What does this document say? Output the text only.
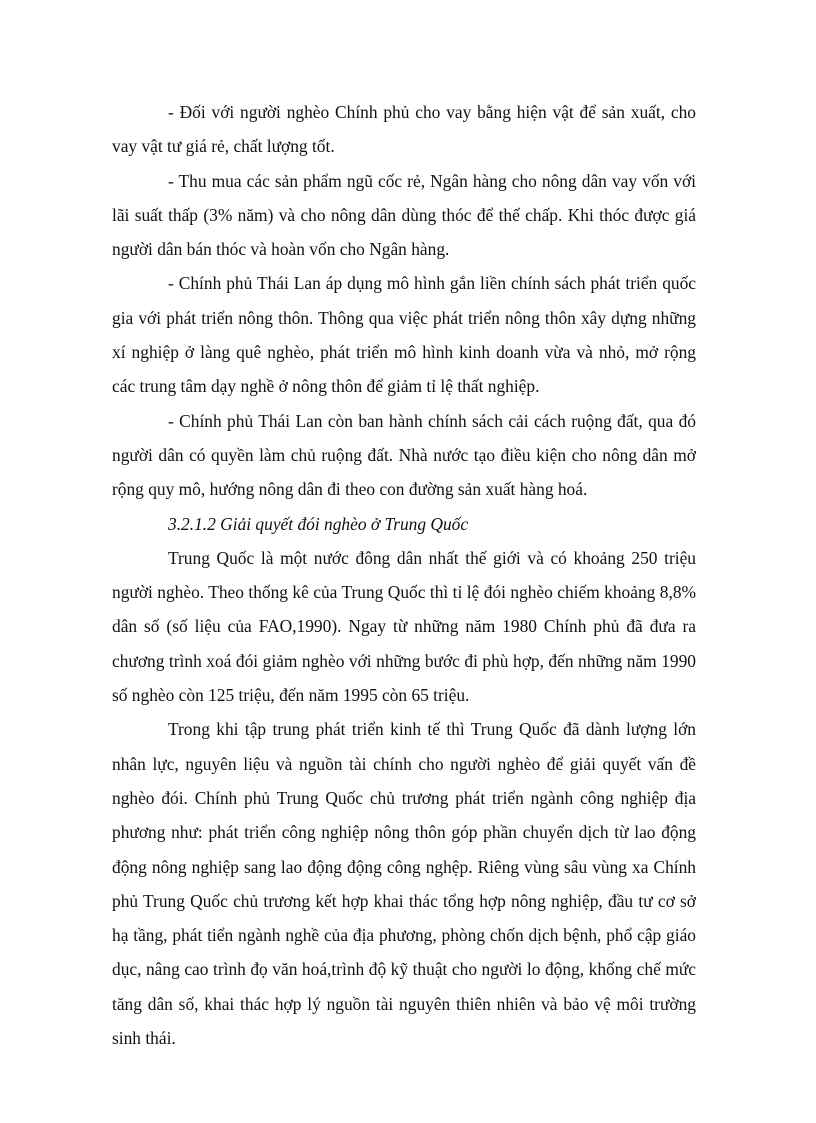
- Đối với người nghèo Chính phủ cho vay bằng hiện vật để sản xuất, cho vay vật tư giá rẻ, chất lượng tốt.

- Thu mua các sản phẩm ngũ cốc rẻ, Ngân hàng cho nông dân vay vốn với lãi suất thấp (3% năm) và cho nông dân dùng thóc để thế chấp. Khi thóc được giá người dân bán thóc và hoàn vốn cho Ngân hàng.

- Chính phủ Thái Lan áp dụng mô hình gắn liền chính sách phát triển quốc gia với phát triển nông thôn. Thông qua việc phát triển nông thôn xây dựng những xí nghiệp ở làng quê nghèo, phát triển mô hình kinh doanh vừa và nhỏ, mở rộng các trung tâm dạy nghề ở nông thôn để giảm tỉ lệ thất nghiệp.

- Chính phủ Thái Lan còn ban hành chính sách cải cách ruộng đất, qua đó người dân có quyền làm chủ ruộng đất. Nhà nước tạo điều kiện cho nông dân mở rộng quy mô, hướng nông dân đi theo con đường sản xuất hàng hoá.

3.2.1.2 Giải quyết đói nghèo ở Trung Quốc

Trung Quốc là một nước đông dân nhất thế giới và có khoảng 250 triệu người nghèo. Theo thống kê của Trung Quốc thì tỉ lệ đói nghèo chiếm khoảng 8,8% dân số (số liệu của FAO,1990). Ngay từ những năm 1980 Chính phủ đã đưa ra chương trình xoá đói giảm nghèo với những bước đi phù hợp, đến những năm 1990 số nghèo còn 125 triệu, đến năm 1995 còn 65 triệu.

Trong khi tập trung phát triển kinh tế thì Trung Quốc đã dành lượng lớn nhân lực, nguyên liệu và nguồn tài chính cho người nghèo để giải quyết vấn đề nghèo đói. Chính phủ Trung Quốc chủ trương phát triển ngành công nghiệp địa phương như: phát triển công nghiệp nông thôn góp phần chuyển dịch từ lao động động nông nghiệp sang lao động động công nghệp. Riêng vùng sâu vùng xa Chính phủ Trung Quốc chủ trương kết hợp khai thác tổng hợp nông nghiệp, đầu tư cơ sở hạ tầng, phát tiển ngành nghề của địa phương, phòng chốn dịch bệnh, phổ cập giáo dục, nâng cao trình đọ văn hoá,trình độ kỹ thuật cho người lo động, khống chế mức tăng dân số, khai thác hợp lý nguồn tài nguyên thiên nhiên và bảo vệ môi trường sinh thái.
